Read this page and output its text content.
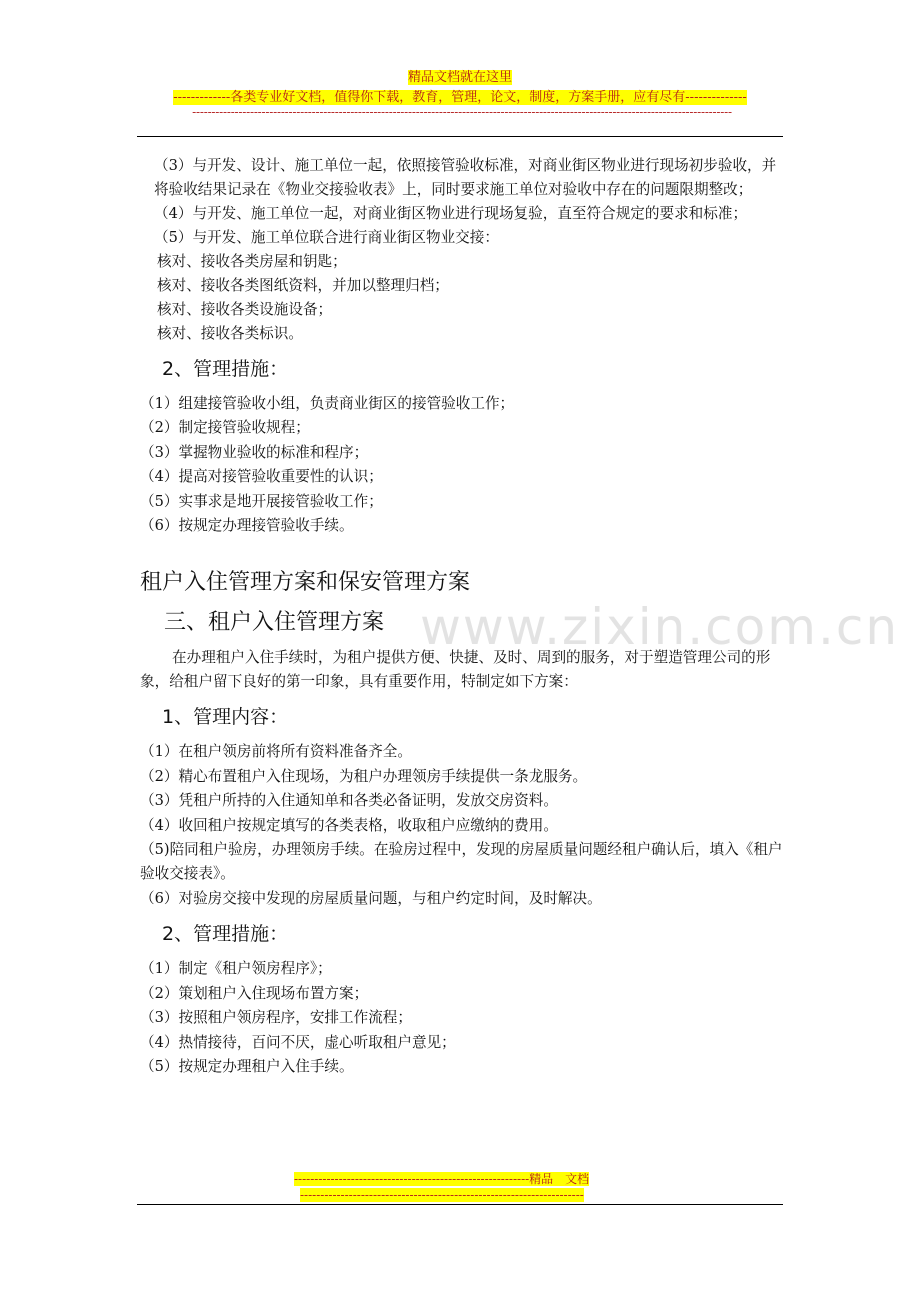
精品文档就在这里
-------------各类专业好文档，值得你下载，教育，管理，论文，制度，方案手册，应有尽有--------------
--------------------------------------------------------------------------------------------------------------------------------------------
www.zixin.com.cn

（3）与开发、设计、施工单位一起，依照接管验收标准，对商业街区物业进行现场初步验收，并将验收结果记录在《物业交接验收表》上，同时要求施工单位对验收中存在的问题限期整改；

（4）与开发、施工单位一起，对商业街区物业进行现场复验，直至符合规定的要求和标准；

（5）与开发、施工单位联合进行商业街区物业交接：

核对、接收各类房屋和钥匙；

核对、接收各类图纸资料，并加以整理归档；

核对、接收各类设施设备；

核对、接收各类标识。

2、管理措施：

（1）组建接管验收小组，负责商业街区的接管验收工作；

（2）制定接管验收规程；

（3）掌握物业验收的标准和程序；

（4）提高对接管验收重要性的认识；

（5）实事求是地开展接管验收工作；

（6）按规定办理接管验收手续。

租户入住管理方案和保安管理方案
三、租户入住管理方案

在办理租户入住手续时，为租户提供方便、快捷、及时、周到的服务，对于塑造管理公司的形象，给租户留下良好的第一印象，具有重要作用，特制定如下方案：

1、管理内容：

（1）在租户领房前将所有资料准备齐全。

（2）精心布置租户入住现场，为租户办理领房手续提供一条龙服务。

（3）凭租户所持的入住通知单和各类必备证明，发放交房资料。

（4）收回租户按规定填写的各类表格，收取租户应缴纳的费用。

（5)陪同租户验房，办理领房手续。在验房过程中，发现的房屋质量问题经租户确认后，填入《租户验收交接表》。

（6）对验房交接中发现的房屋质量问题，与租户约定时间，及时解决。

2、管理措施：

（1）制定《租户领房程序》；

（2）策划租户入住现场布置方案；

（3）按照租户领房程序，安排工作流程；

（4）热情接待，百问不厌，虚心听取租户意见；

（5）按规定办理租户入住手续。

----------------------------------------------------------精品　文档
----------------------------------------------------------------------
